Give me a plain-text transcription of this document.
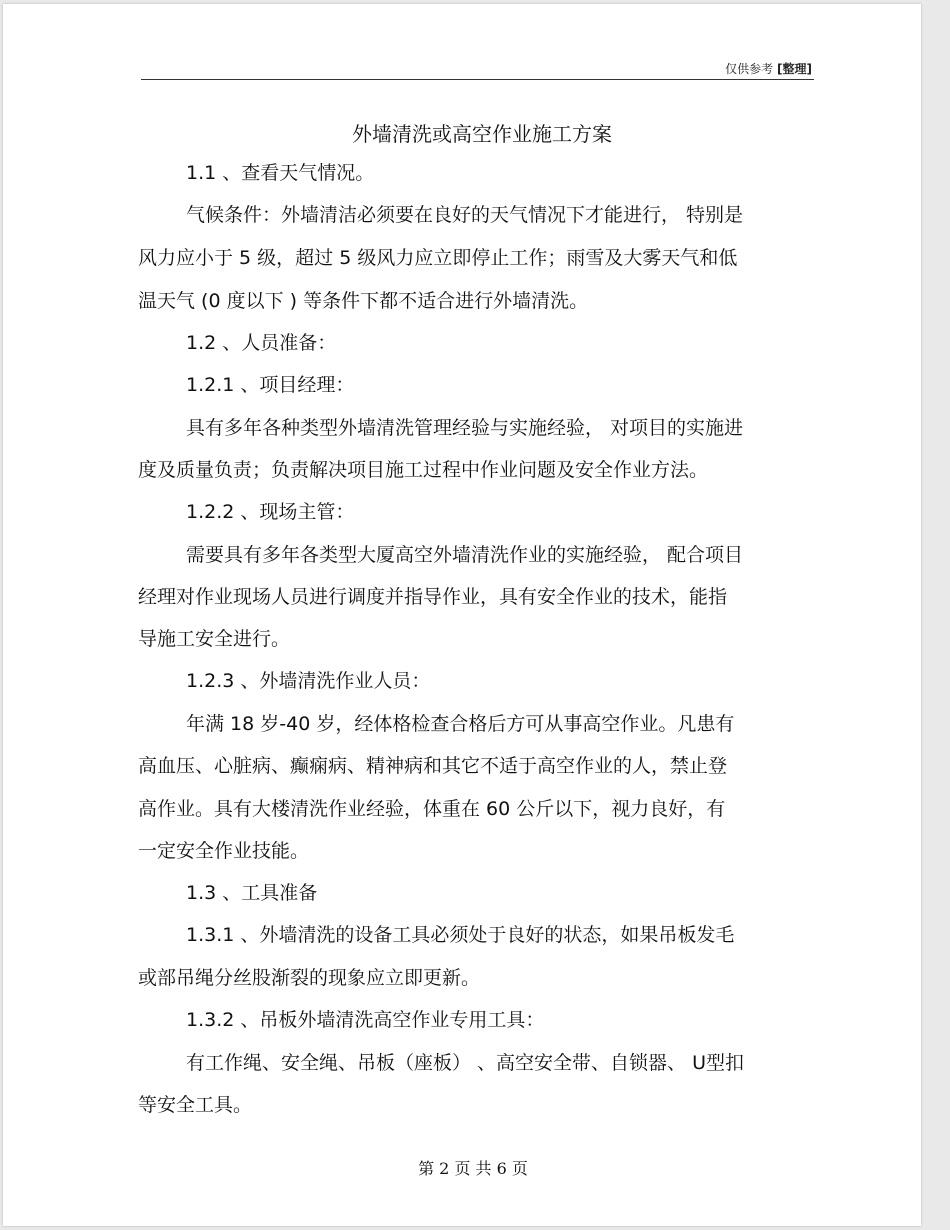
仅供参考 [整理]
外墙清洗或高空作业施工方案
1.1 、查看天气情况。
气候条件：外墙清洁必须要在良好的天气情况下才能进行， 特别是
风力应小于 5 级，超过 5 级风力应立即停止工作；雨雪及大雾天气和低
温天气 (0 度以下 ) 等条件下都不适合进行外墙清洗。
1.2 、人员准备：
1.2.1 、项目经理：
具有多年各种类型外墙清洗管理经验与实施经验， 对项目的实施进
度及质量负责；负责解决项目施工过程中作业问题及安全作业方法。
1.2.2 、现场主管：
需要具有多年各类型大厦高空外墙清洗作业的实施经验， 配合项目
经理对作业现场人员进行调度并指导作业，具有安全作业的技术，能指
导施工安全进行。
1.2.3 、外墙清洗作业人员：
年满 18 岁-40 岁，经体格检查合格后方可从事高空作业。凡患有
高血压、心脏病、癫痫病、精神病和其它不适于高空作业的人，禁止登
高作业。具有大楼清洗作业经验，体重在 60 公斤以下，视力良好，有
一定安全作业技能。
1.3 、工具准备
1.3.1 、外墙清洗的设备工具必须处于良好的状态，如果吊板发毛
或部吊绳分丝股渐裂的现象应立即更新。
1.3.2 、吊板外墙清洗高空作业专用工具：
有工作绳、安全绳、吊板（座板） 、高空安全带、自锁器、 U型扣
等安全工具。
第 2 页 共 6 页
